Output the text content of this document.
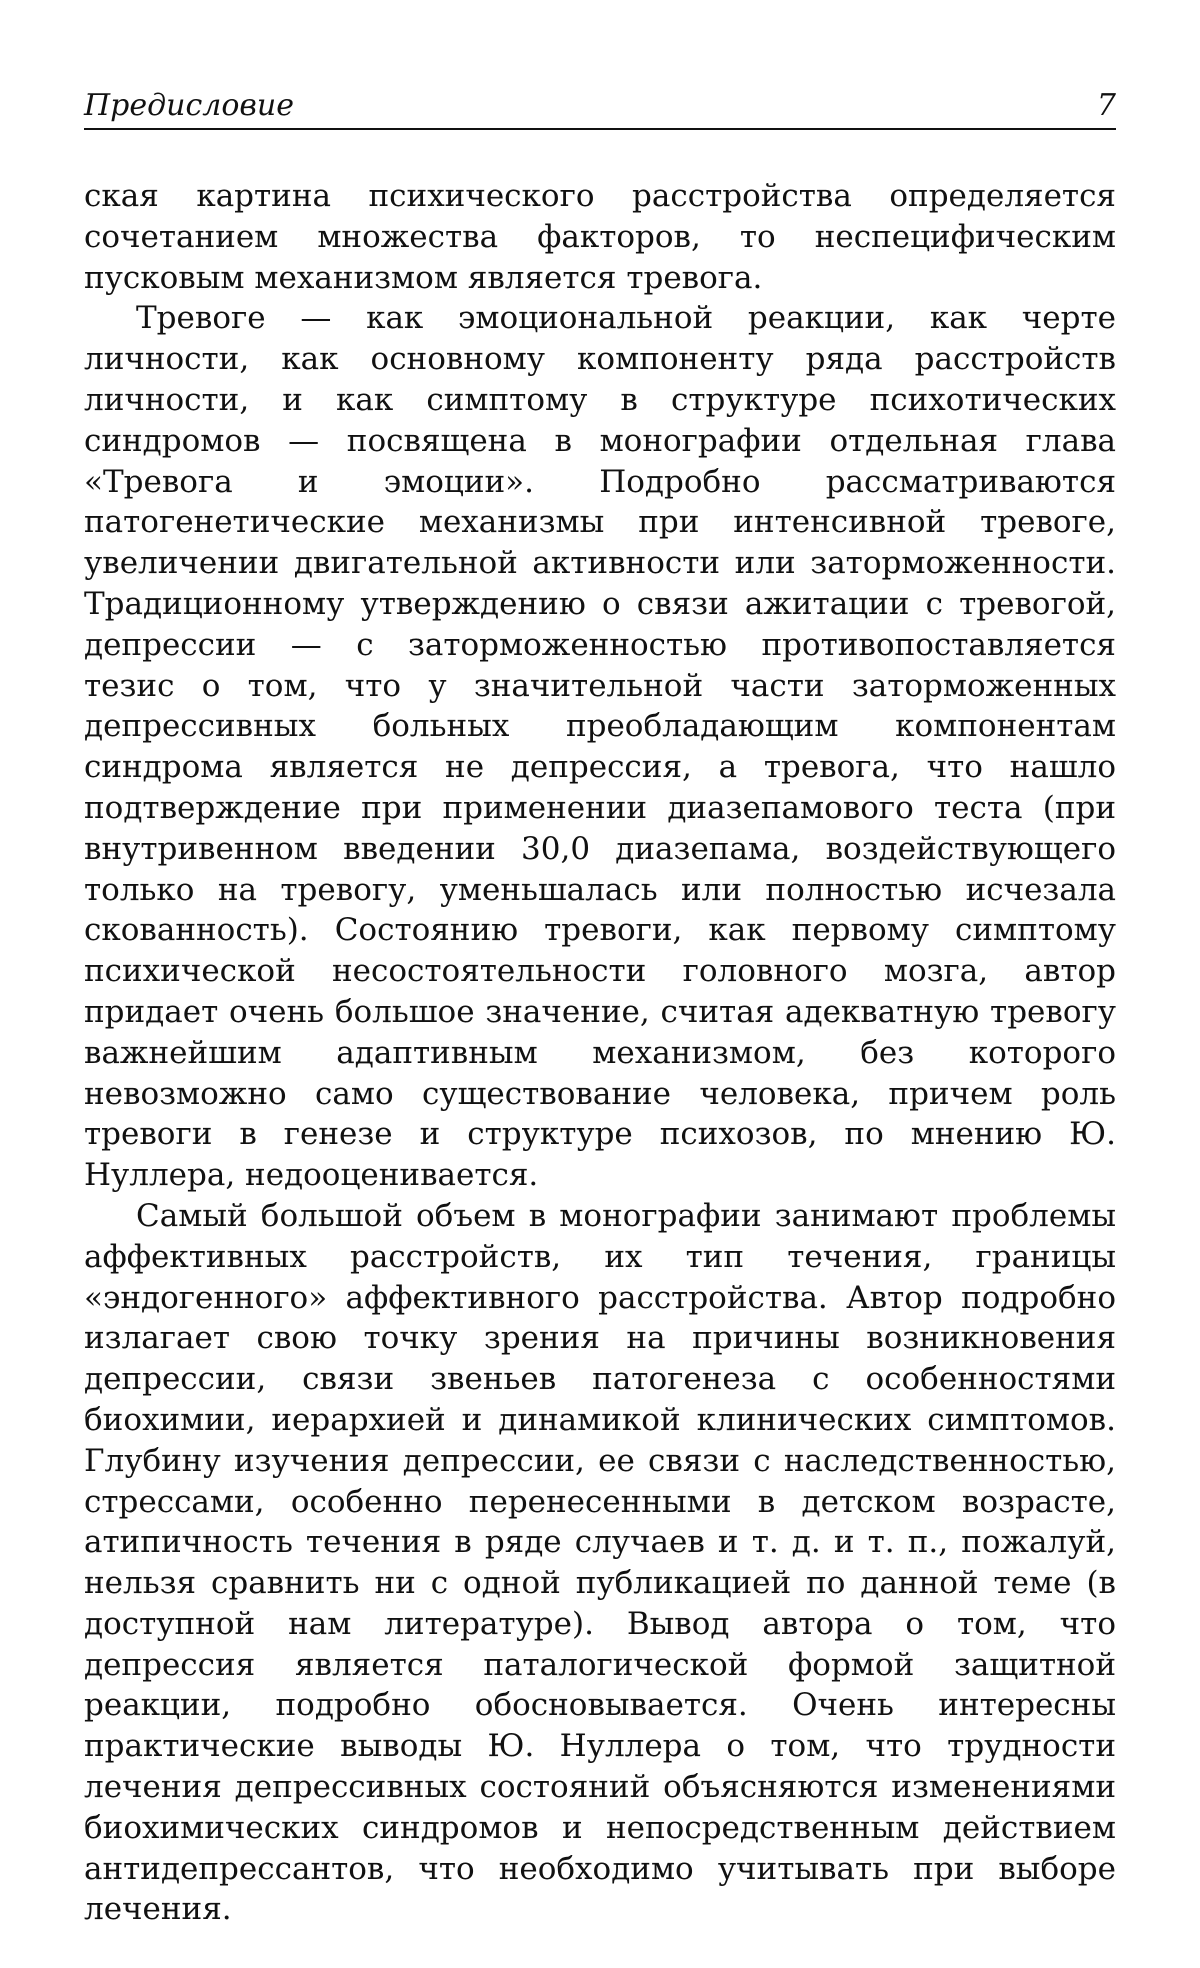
Предисловие	7

ская картина психического расстройства определяется сочетанием множества факторов, то неспецифическим пусковым механизмом является тревога.

Тревоге — как эмоциональной реакции, как черте личности, как основному компоненту ряда расстройств личности, и как симптому в структуре психотических синдромов — посвящена в монографии отдельная глава «Тревога и эмоции». Подробно рассматриваются патогенетические механизмы при интенсивной тревоге, увеличении двигательной активности или заторможенности. Традиционному утверждению о связи ажитации с тревогой, депрессии — с заторможенностью противопоставляется тезис о том, что у значительной части заторможенных депрессивных больных преобладающим компонентам синдрома является не депрессия, а тревога, что нашло подтверждение при применении диазепамового теста (при внутривенном введении 30,0 диазепама, воздействующего только на тревогу, уменьшалась или полностью исчезала скованность). Состоянию тревоги, как первому симптому психической несостоятельности головного мозга, автор придает очень большое значение, считая адекватную тревогу важнейшим адаптивным механизмом, без которого невозможно само существование человека, причем роль тревоги в генезе и структуре психозов, по мнению Ю. Нуллера, недооценивается.

Самый большой объем в монографии занимают проблемы аффективных расстройств, их тип течения, границы «эндогенного» аффективного расстройства. Автор подробно излагает свою точку зрения на причины возникновения депрессии, связи звеньев патогенеза с особенностями биохимии, иерархией и динамикой клинических симптомов. Глубину изучения депрессии, ее связи с наследственностью, стрессами, особенно перенесенными в детском возрасте, атипичность течения в ряде случаев и т. д. и т. п., пожалуй, нельзя сравнить ни с одной публикацией по данной теме (в доступной нам литературе). Вывод автора о том, что депрессия является паталогической формой защитной реакции, подробно обосновывается. Очень интересны практические выводы Ю. Нуллера о том, что трудности лечения депрессивных состояний объясняются изменениями биохимических синдромов и непосредственным действием антидепрессантов, что необходимо учитывать при выборе лечения.
